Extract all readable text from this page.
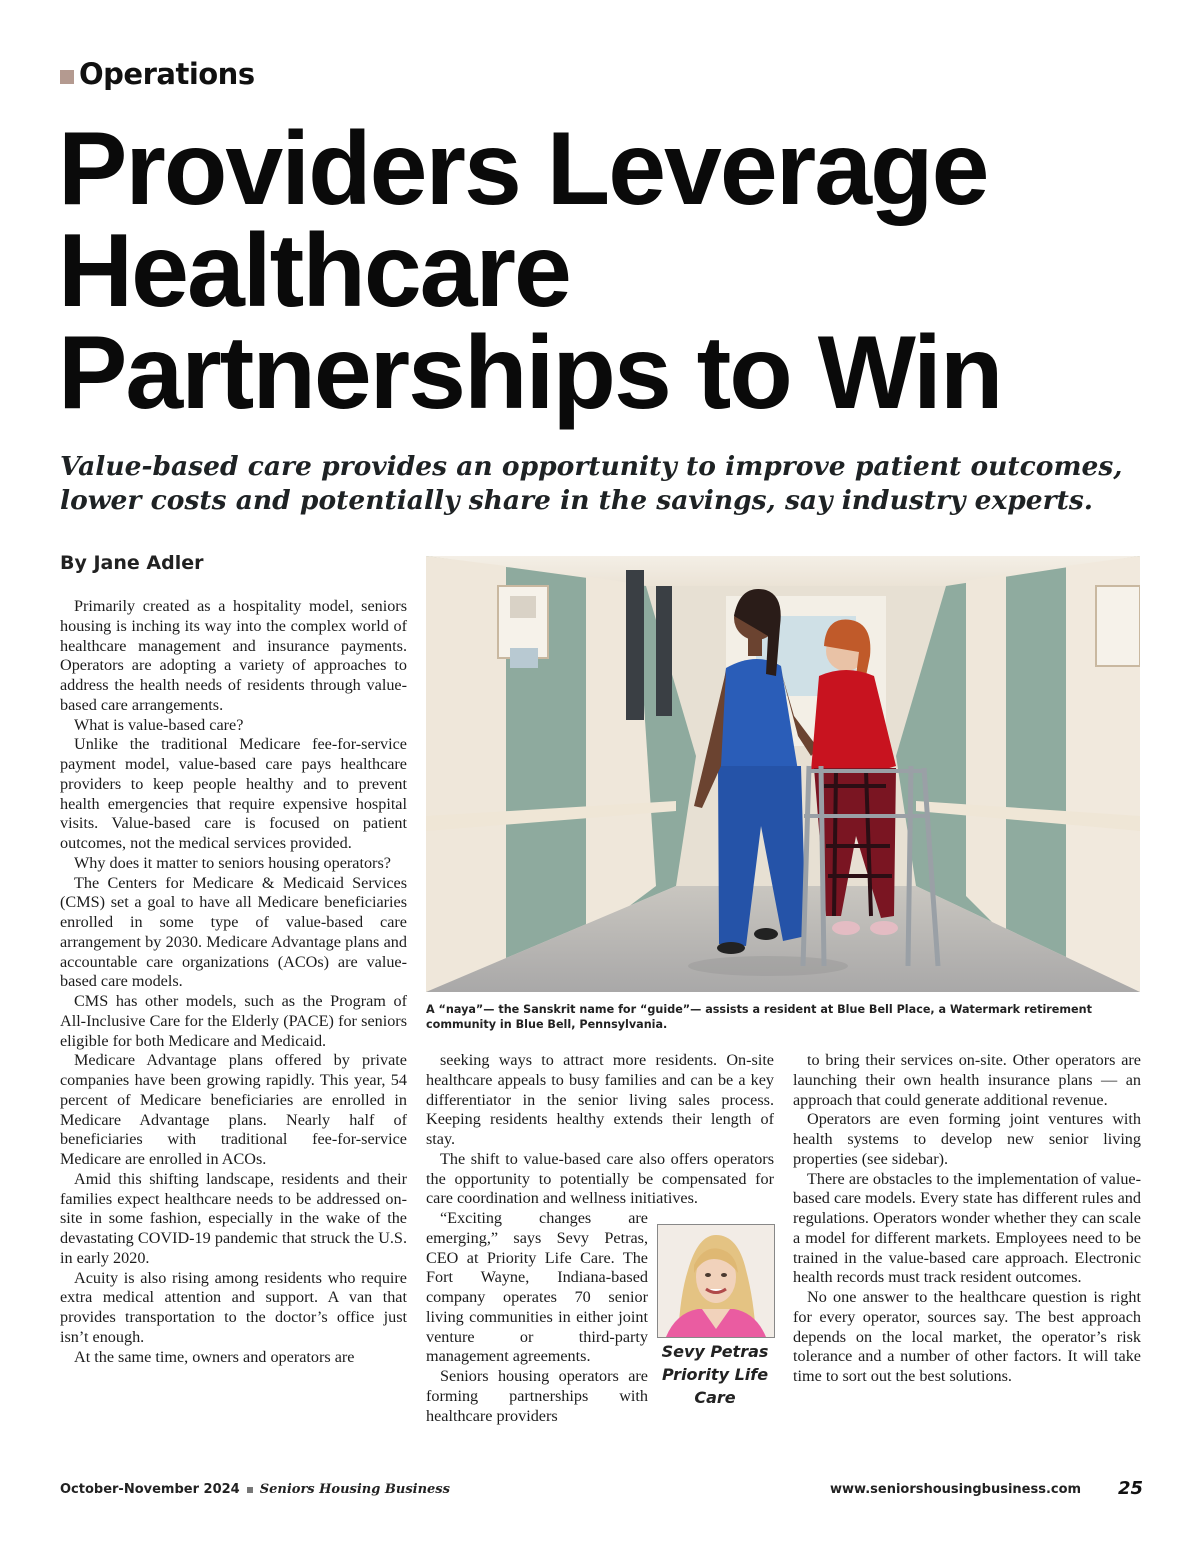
Operations
Providers Leverage
Healthcare
Partnerships to Win
Value-based care provides an opportunity to improve patient outcomes,
lower costs and potentially share in the savings, say industry experts.
By Jane Adler

Primarily created as a hospitality model, seniors housing is inching its way into the complex world of healthcare management and insurance payments. Operators are adopting a variety of approaches to address the health needs of residents through value-based care arrangements.

What is value-based care?

Unlike the traditional Medicare fee-for-service payment model, value-based care pays healthcare providers to keep people healthy and to prevent health emergencies that require expensive hospital visits. Value-based care is focused on patient outcomes, not the medical services provided.

Why does it matter to seniors housing operators?

The Centers for Medicare & Medicaid Services (CMS) set a goal to have all Medicare beneficiaries enrolled in some type of value-based care arrangement by 2030. Medicare Advantage plans and accountable care organizations (ACOs) are value-based care models.

CMS has other models, such as the Program of All-Inclusive Care for the Elderly (PACE) for seniors eligible for both Medicare and Medicaid.

Medicare Advantage plans offered by private companies have been growing rapidly. This year, 54 percent of Medicare beneficiaries are enrolled in Medicare Advantage plans. Nearly half of beneficiaries with traditional fee-for-service Medicare are enrolled in ACOs.

Amid this shifting landscape, residents and their families expect healthcare needs to be addressed on-site in some fashion, especially in the wake of the devastating COVID-19 pandemic that struck the U.S. in early 2020.

Acuity is also rising among residents who require extra medical attention and support. A van that provides transportation to the doctor’s office just isn’t enough.

At the same time, owners and operators are

A “naya”— the Sanskrit name for “guide”— assists a resident at Blue Bell Place, a Watermark retirement community in Blue Bell, Pennsylvania.

seeking ways to attract more residents. On-site healthcare appeals to busy families and can be a key differentiator in the senior living sales process. Keeping residents healthy extends their length of stay.

The shift to value-based care also offers operators the opportunity to potentially be compensated for care coordination and wellness initiatives.

“Exciting changes are emerging,” says Sevy Petras, CEO at Priority Life Care. The Fort Wayne, Indiana-based company operates 70 senior living communities in either joint venture or third-party management agreements.

Seniors housing operators are forming partnerships with healthcare providers

Sevy Petras
Priority Life
Care

to bring their services on-site. Other operators are launching their own health insurance plans — an approach that could generate additional revenue.

Operators are even forming joint ventures with health systems to develop new senior living properties (see sidebar).

There are obstacles to the implementation of value-based care models. Every state has different rules and regulations. Operators wonder whether they can scale a model for different markets. Employees need to be trained in the value-based care approach. Electronic health records must track resident outcomes.

No one answer to the healthcare question is right for every operator, sources say. The best approach depends on the local market, the operator’s risk tolerance and a number of other factors. It will take time to sort out the best solutions.

October-November 2024 Seniors Housing Business	www.seniorshousingbusiness.com 25
